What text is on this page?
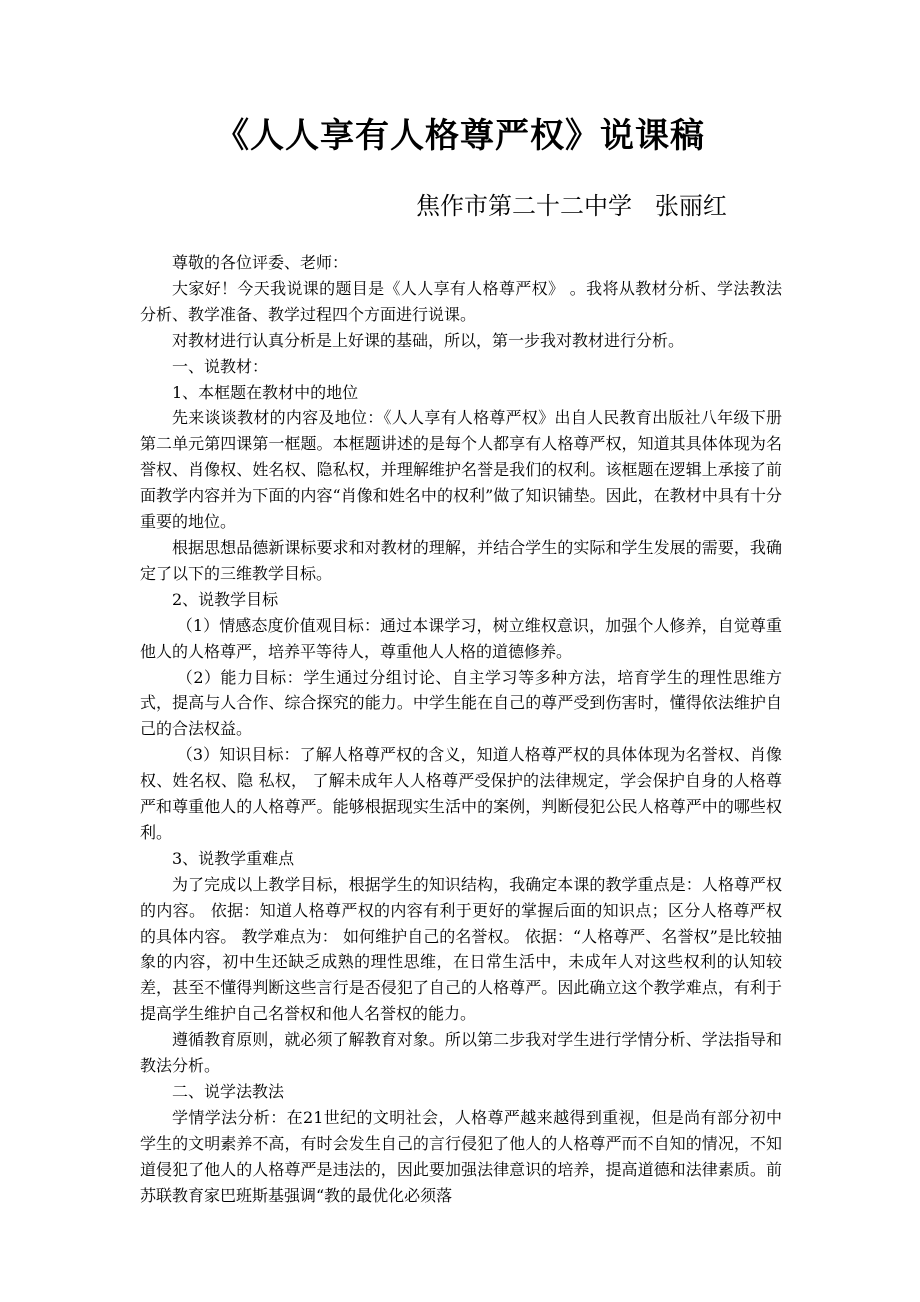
《人人享有人格尊严权》说课稿
焦作市第二十二中学   张丽红

尊敬的各位评委、老师：

大家好！今天我说课的题目是《人人享有人格尊严权》 。我将从教材分析、学法教法分析、教学准备、教学过程四个方面进行说课。

对教材进行认真分析是上好课的基础，所以，第一步我对教材进行分析。

一、说教材：

1、本框题在教材中的地位

先来谈谈教材的内容及地位：《人人享有人格尊严权》出自人民教育出版社八年级下册第二单元第四课第一框题。本框题讲述的是每个人都享有人格尊严权，知道其具体体现为名誉权、肖像权、姓名权、隐私权，并理解维护名誉是我们的权利。该框题在逻辑上承接了前面教学内容并为下面的内容“肖像和姓名中的权利”做了知识铺垫。因此，在教材中具有十分重要的地位。

根据思想品德新课标要求和对教材的理解，并结合学生的实际和学生发展的需要，我确定了以下的三维教学目标。

2、说教学目标

（1）情感态度价值观目标：通过本课学习，树立维权意识，加强个人修养，自觉尊重他人的人格尊严，培养平等待人，尊重他人人格的道德修养。

（2）能力目标：学生通过分组讨论、自主学习等多种方法，培育学生的理性思维方式，提高与人合作、综合探究的能力。中学生能在自己的尊严受到伤害时，懂得依法维护自己的合法权益。

（3）知识目标：了解人格尊严权的含义，知道人格尊严权的具体体现为名誉权、肖像权、姓名权、隐 私权， 了解未成年人人格尊严受保护的法律规定，学会保护自身的人格尊严和尊重他人的人格尊严。能够根据现实生活中的案例，判断侵犯公民人格尊严中的哪些权利。

3、说教学重难点

为了完成以上教学目标，根据学生的知识结构，我确定本课的教学重点是：人格尊严权的内容。 依据：知道人格尊严权的内容有利于更好的掌握后面的知识点；区分人格尊严权的具体内容。 教学难点为： 如何维护自己的名誉权。 依据：“人格尊严、名誉权”是比较抽象的内容，初中生还缺乏成熟的理性思维，在日常生活中，未成年人对这些权利的认知较差，甚至不懂得判断这些言行是否侵犯了自己的人格尊严。因此确立这个教学难点，有利于提高学生维护自己名誉权和他人名誉权的能力。

遵循教育原则，就必须了解教育对象。所以第二步我对学生进行学情分析、学法指导和教法分析。

二、说学法教法

学情学法分析：在21世纪的文明社会，人格尊严越来越得到重视，但是尚有部分初中学生的文明素养不高，有时会发生自己的言行侵犯了他人的人格尊严而不自知的情况，不知道侵犯了他人的人格尊严是违法的，因此要加强法律意识的培养，提高道德和法律素质。前苏联教育家巴班斯基强调“教的最优化必须落
